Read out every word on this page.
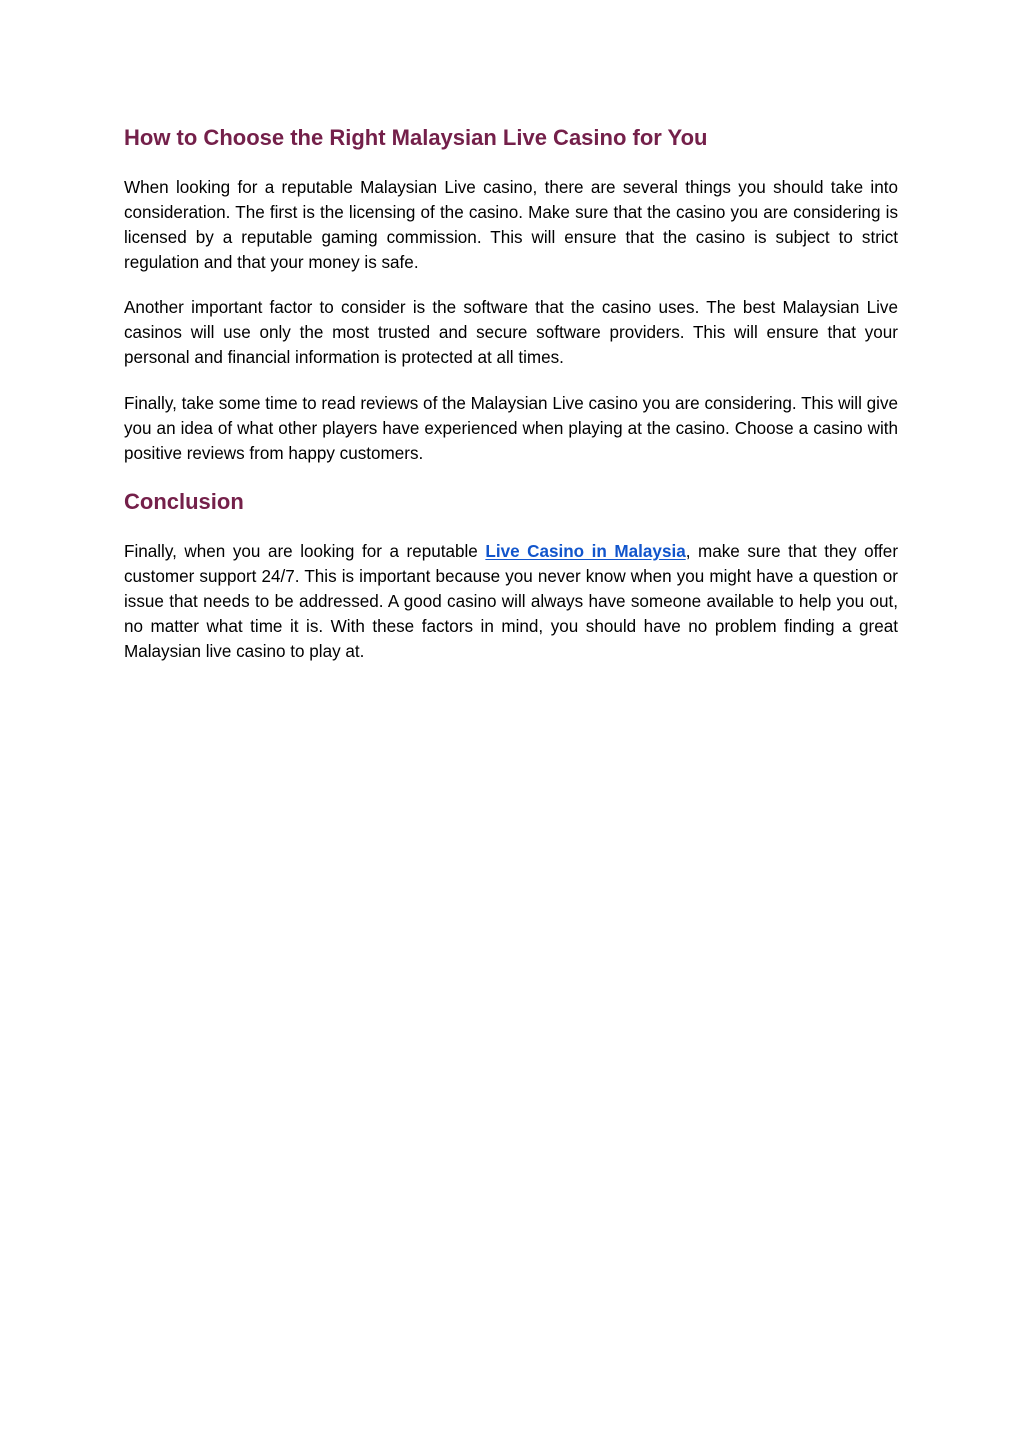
How to Choose the Right Malaysian Live Casino for You

When looking for a reputable Malaysian Live casino, there are several things you should take into consideration. The first is the licensing of the casino. Make sure that the casino you are considering is licensed by a reputable gaming commission. This will ensure that the casino is subject to strict regulation and that your money is safe.

Another important factor to consider is the software that the casino uses. The best Malaysian Live casinos will use only the most trusted and secure software providers. This will ensure that your personal and financial information is protected at all times.

Finally, take some time to read reviews of the Malaysian Live casino you are considering. This will give you an idea of what other players have experienced when playing at the casino. Choose a casino with positive reviews from happy customers.

Conclusion

Finally, when you are looking for a reputable Live Casino in Malaysia, make sure that they offer customer support 24/7. This is important because you never know when you might have a question or issue that needs to be addressed. A good casino will always have someone available to help you out, no matter what time it is. With these factors in mind, you should have no problem finding a great Malaysian live casino to play at.
